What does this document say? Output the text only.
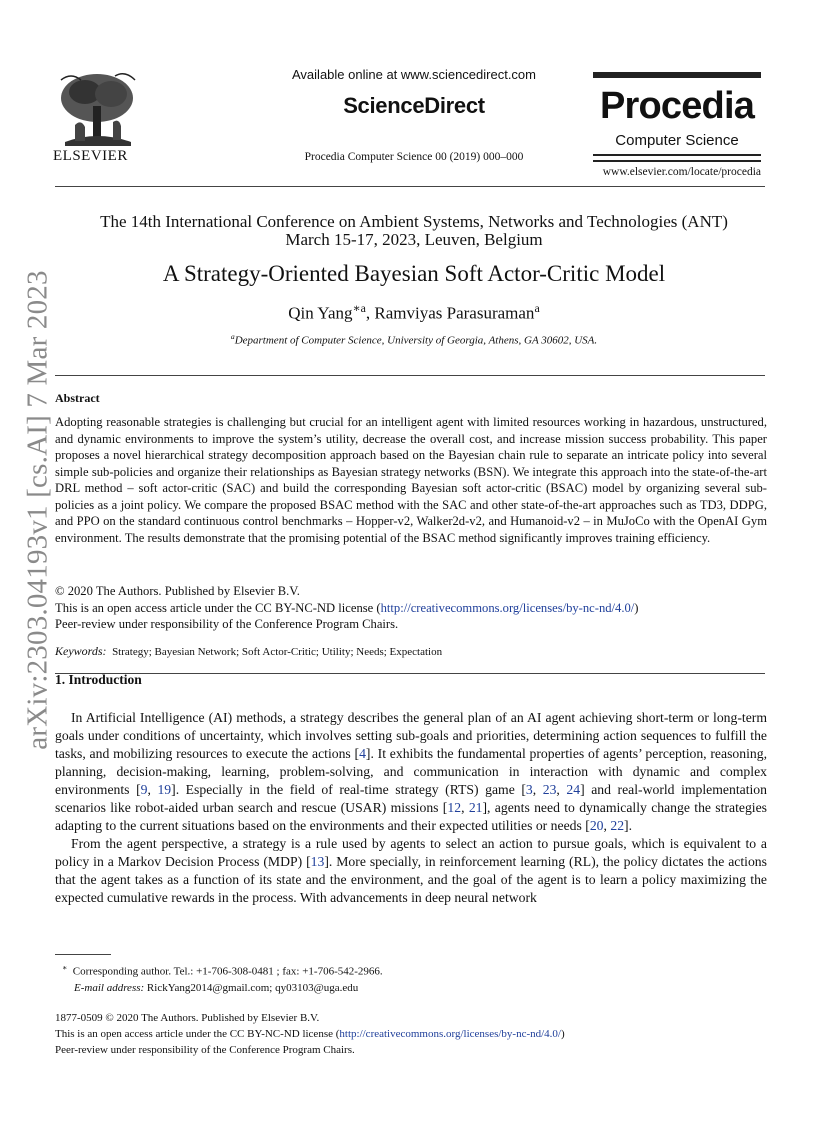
arXiv:2303.04193v1 [cs.AI] 7 Mar 2023
ELSEVIER
Available online at www.sciencedirect.com
ScienceDirect
Procedia Computer Science 00 (2019) 000–000
Procedia
Computer Science
www.elsevier.com/locate/procedia
The 14th International Conference on Ambient Systems, Networks and Technologies (ANT)
March 15-17, 2023, Leuven, Belgium
A Strategy-Oriented Bayesian Soft Actor-Critic Model
Qin Yang$^{∗a}$, Ramviyas Parasuraman$^a$
$^a$Department of Computer Science, University of Georgia, Athens, GA 30602, USA.
Abstract
Adopting reasonable strategies is challenging but crucial for an intelligent agent with limited resources working in hazardous, unstructured, and dynamic environments to improve the system’s utility, decrease the overall cost, and increase mission success probability. This paper proposes a novel hierarchical strategy decomposition approach based on the Bayesian chain rule to separate an intricate policy into several simple sub-policies and organize their relationships as Bayesian strategy networks (BSN). We integrate this approach into the state-of-the-art DRL method – soft actor-critic (SAC) and build the corresponding Bayesian soft actor-critic (BSAC) model by organizing several sub-policies as a joint policy. We compare the proposed BSAC method with the SAC and other state-of-the-art approaches such as TD3, DDPG, and PPO on the standard continuous control benchmarks – Hopper-v2, Walker2d-v2, and Humanoid-v2 – in MuJoCo with the OpenAI Gym environment. The results demonstrate that the promising potential of the BSAC method significantly improves training efficiency.
© 2020 The Authors. Published by Elsevier B.V.
This is an open access article under the CC BY-NC-ND license (http://creativecommons.org/licenses/by-nc-nd/4.0/)
Peer-review under responsibility of the Conference Program Chairs.
Keywords: Strategy; Bayesian Network; Soft Actor-Critic; Utility; Needs; Expectation
1. Introduction

In Artificial Intelligence (AI) methods, a strategy describes the general plan of an AI agent achieving short-term or long-term goals under conditions of uncertainty, which involves setting sub-goals and priorities, determining action sequences to fulfill the tasks, and mobilizing resources to execute the actions [4]. It exhibits the fundamental properties of agents’ perception, reasoning, planning, decision-making, learning, problem-solving, and communication in interaction with dynamic and complex environments [9, 19]. Especially in the field of real-time strategy (RTS) game [3, 23, 24] and real-world implementation scenarios like robot-aided urban search and rescue (USAR) missions [12, 21], agents need to dynamically change the strategies adapting to the current situations based on the environments and their expected utilities or needs [20, 22].

From the agent perspective, a strategy is a rule used by agents to select an action to pursue goals, which is equivalent to a policy in a Markov Decision Process (MDP) [13]. More specially, in reinforcement learning (RL), the policy dictates the actions that the agent takes as a function of its state and the environment, and the goal of the agent is to learn a policy maximizing the expected cumulative rewards in the process. With advancements in deep neural network

∗ Corresponding author. Tel.: +1-706-308-0481 ; fax: +1-706-542-2966.
E-mail address: RickYang2014@gmail.com; qy03103@uga.edu
1877-0509 © 2020 The Authors. Published by Elsevier B.V.
This is an open access article under the CC BY-NC-ND license (http://creativecommons.org/licenses/by-nc-nd/4.0/)
Peer-review under responsibility of the Conference Program Chairs.
